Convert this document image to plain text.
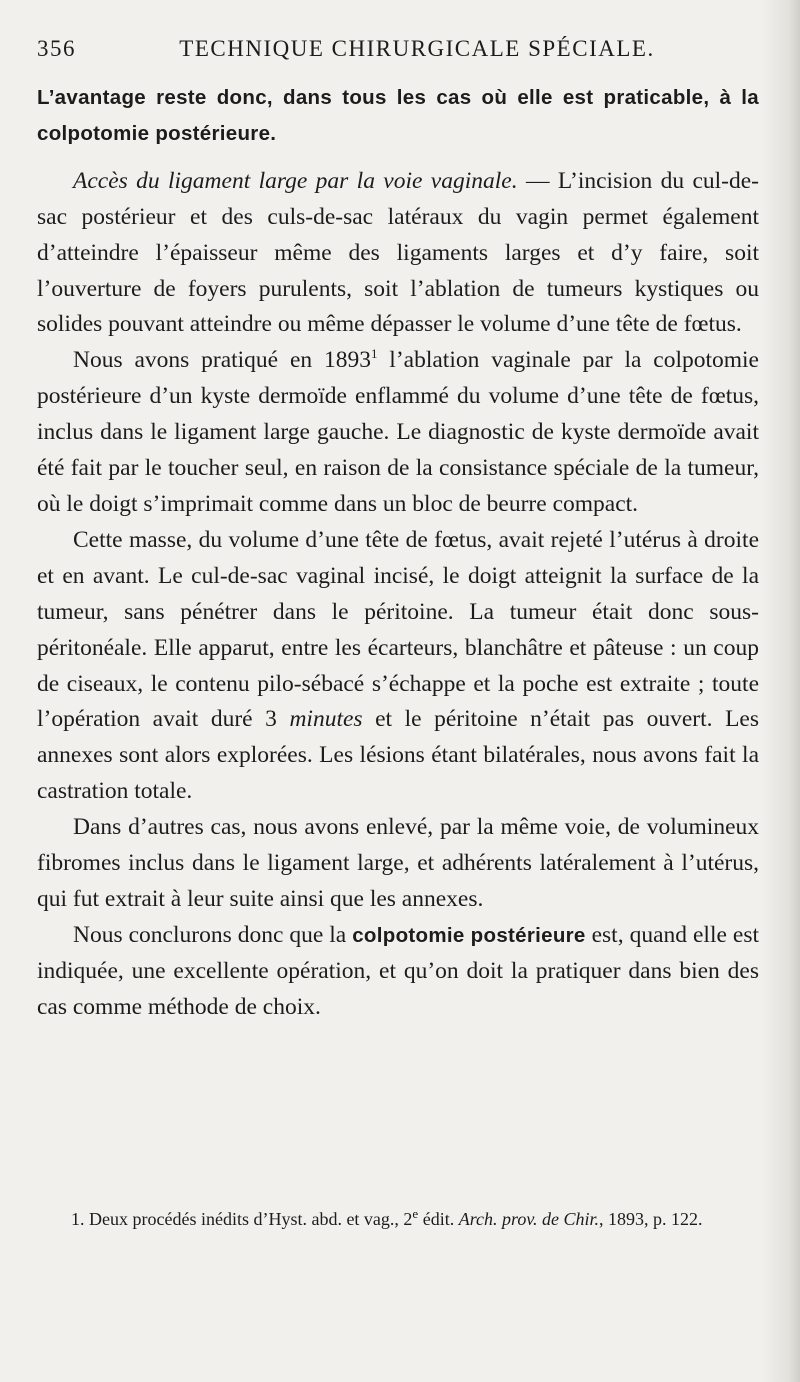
356	TECHNIQUE CHIRURGICALE SPÉCIALE.

L’avantage reste donc, dans tous les cas où elle est praticable, à la colpotomie postérieure.

Accès du ligament large par la voie vaginale. — L’incision du cul-de-sac postérieur et des culs-de-sac latéraux du vagin permet également d’atteindre l’épaisseur même des ligaments larges et d’y faire, soit l’ouverture de foyers purulents, soit l’ablation de tumeurs kystiques ou solides pouvant atteindre ou même dépasser le volume d’une tête de fœtus.

Nous avons pratiqué en 1893$^1$ l’ablation vaginale par la colpotomie postérieure d’un kyste dermoïde enflammé du volume d’une tête de fœtus, inclus dans le ligament large gauche. Le diagnostic de kyste dermoïde avait été fait par le toucher seul, en raison de la consistance spéciale de la tumeur, où le doigt s’imprimait comme dans un bloc de beurre compact.

Cette masse, du volume d’une tête de fœtus, avait rejeté l’utérus à droite et en avant. Le cul-de-sac vaginal incisé, le doigt atteignit la surface de la tumeur, sans pénétrer dans le péritoine. La tumeur était donc sous-péritonéale. Elle apparut, entre les écarteurs, blanchâtre et pâteuse : un coup de ciseaux, le contenu pilo-sébacé s’échappe et la poche est extraite ; toute l’opération avait duré 3 minutes et le péritoine n’était pas ouvert. Les annexes sont alors explorées. Les lésions étant bilatérales, nous avons fait la castration totale.

Dans d’autres cas, nous avons enlevé, par la même voie, de volumineux fibromes inclus dans le ligament large, et adhérents latéralement à l’utérus, qui fut extrait à leur suite ainsi que les annexes.

Nous conclurons donc que la colpotomie postérieure est, quand elle est indiquée, une excellente opération, et qu’on doit la pratiquer dans bien des cas comme méthode de choix.

1. Deux procédés inédits d’Hyst. abd. et vag., 2e édit. Arch. prov. de Chir., 1893, p. 122.
